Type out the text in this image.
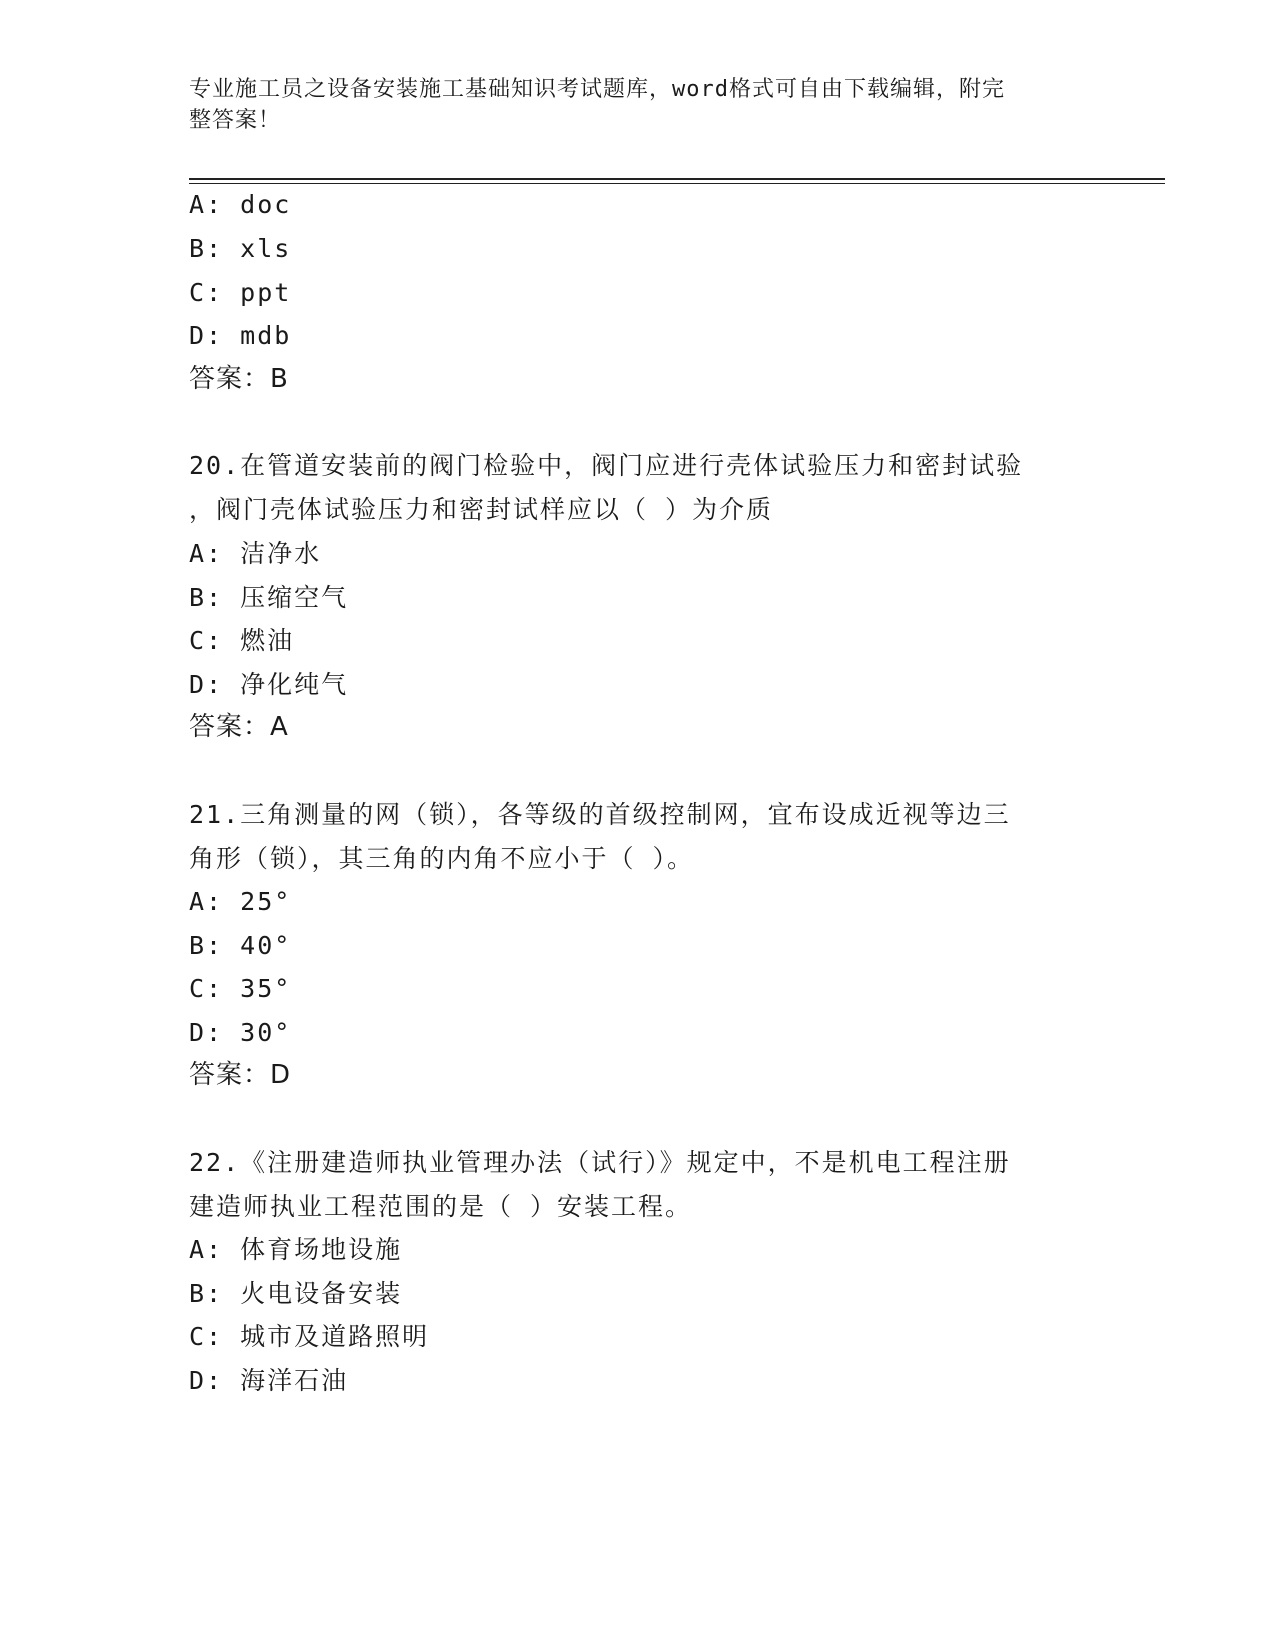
专业施工员之设备安装施工基础知识考试题库，word格式可自由下载编辑，附完
整答案！
A: doc
B: xls
C: ppt
D: mdb
答案：B
20.在管道安装前的阀门检验中，阀门应进行壳体试验压力和密封试验
，阀门壳体试验压力和密封试样应以（ ）为介质
A: 洁净水
B: 压缩空气
C: 燃油
D: 净化纯气
答案：A
21.三角测量的网（锁），各等级的首级控制网，宜布设成近视等边三
角形（锁），其三角的内角不应小于（ ）。
A: 25°
B: 40°
C: 35°
D: 30°
答案：D
22.《注册建造师执业管理办法（试行）》规定中，不是机电工程注册
建造师执业工程范围的是（ ）安装工程。
A: 体育场地设施
B: 火电设备安装
C: 城市及道路照明
D: 海洋石油
